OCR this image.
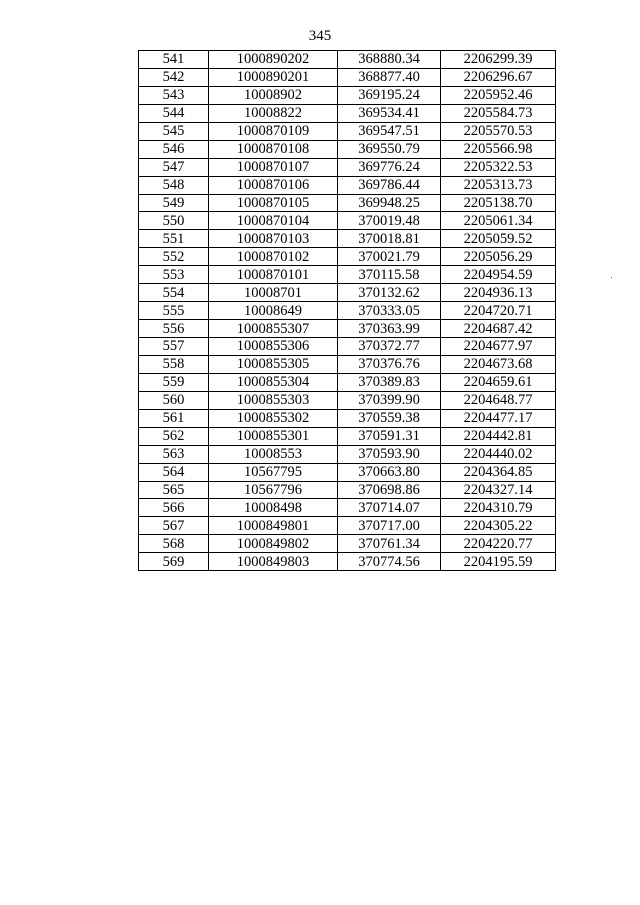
345
541	1000890202	368880.34	2206299.39
542	1000890201	368877.40	2206296.67
543	10008902	369195.24	2205952.46
544	10008822	369534.41	2205584.73
545	1000870109	369547.51	2205570.53
546	1000870108	369550.79	2205566.98
547	1000870107	369776.24	2205322.53
548	1000870106	369786.44	2205313.73
549	1000870105	369948.25	2205138.70
550	1000870104	370019.48	2205061.34
551	1000870103	370018.81	2205059.52
552	1000870102	370021.79	2205056.29
553	1000870101	370115.58	2204954.59
554	10008701	370132.62	2204936.13
555	10008649	370333.05	2204720.71
556	1000855307	370363.99	2204687.42
557	1000855306	370372.77	2204677.97
558	1000855305	370376.76	2204673.68
559	1000855304	370389.83	2204659.61
560	1000855303	370399.90	2204648.77
561	1000855302	370559.38	2204477.17
562	1000855301	370591.31	2204442.81
563	10008553	370593.90	2204440.02
564	10567795	370663.80	2204364.85
565	10567796	370698.86	2204327.14
566	10008498	370714.07	2204310.79
567	1000849801	370717.00	2204305.22
568	1000849802	370761.34	2204220.77
569	1000849803	370774.56	2204195.59
